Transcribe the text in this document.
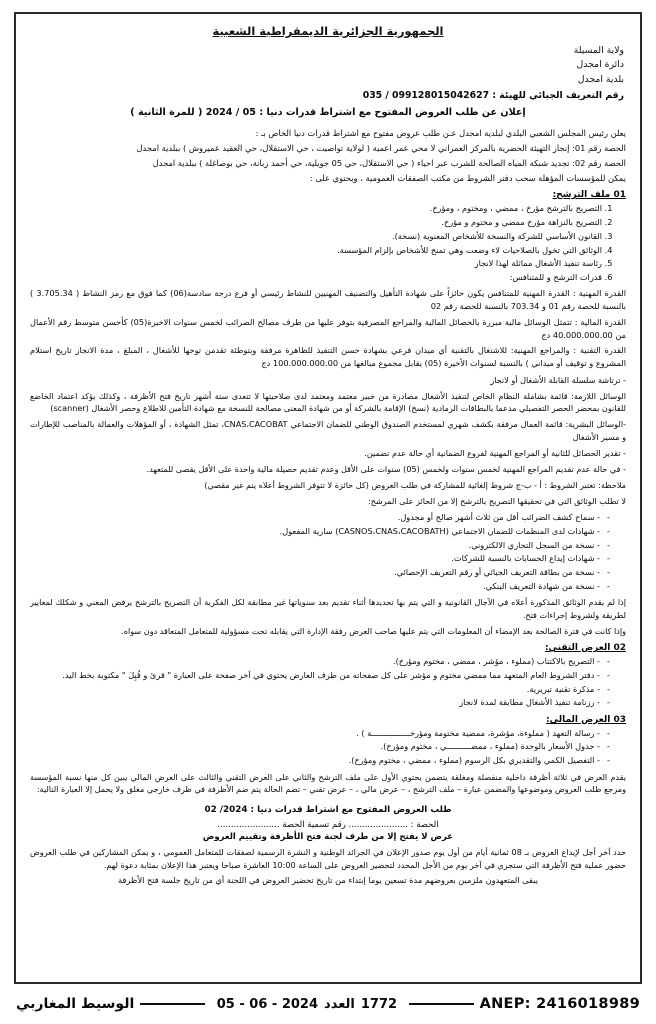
الجمهورية الجزائرية الديمقراطية الشعبية
ولاية المسيلة
دائرة امجدل
بلدية امجدل
رقم التعريف الجبائي للهيئة : 099128015042627 / 035
إعلان عن طلب العروض المفتوح مع اشتراط قدرات دنيا : 05 / 2024 ( للمرة الثانية )
يعلن رئيس المجلس الشعبي البلدي لبلدية امجدل عـن طلب عروض مفتوح مع اشتراط قدرات دنيا الخاص بـ :
الحصة رقم 01: إنجاز التهيئة الحضرية بالمركز العمراني لا محي عمر اعمية ( لولاية تواصيت ، حي الاستقلال، حي العقيد عميروش ) ببلدية امجدل
الحصة رقم 02: تجديد شبكة المياه الصالحة للشرب عبر احياء ( حي الاستقلال، حي 05 جويلية، حي أحمد زبانة، حي بوصاغلة ) ببلدية امجدل
يمكن للمؤسسات المؤهلة سحب دفتر الشروط من مكتب الصفقات العمومية ، ويحتوي على :
01 ملف الترشح:
1. التصريح بالترشح مؤرخ ، ممضي ، ومختوم ، ومؤرخ.
2. التصريح بالنزاهة مؤرخ ممضي و مختوم و مؤرخ.
3. القانون الأساسي للشركة والنسخة للأشخاص المعنوية (نسخة).
4. الوثائق التي تخول بالصلاحيات لاء وضعت وهي تمنح للأشخاص بإلزام المؤسسة.
5. رئاسة تنفيذ الأشغال مماثلة لهذا لانجاز
6. قدرات الترشح و للمتنافس:
القدرة المهنية : القدرة المهنية للمتنافس يكون حائزاً على شهادة التأهيل والتصنيف المهنيين للنشاط رئيسي أو فرع درجة سادسة(06) كما فوق مع رمز النشاط ( 3.705.34 ) بالنسبة للحصة رقم 01 و 703.34 بالنسبة للحصة رقم 02
القدرة المالية : تتمثل الوسائل مالية مبررة بالحصائل المالية والمراجع المصرفية بتوفر عليها من طرف مصالح الضرائب لخمس سنوات الاخيرة(05) كأحسن متوسط رقم الأعمال من 40.000.000.00 دج
القدرة التقنية : والمراجع المهنية: للاشتغال بالتقنية أي ميدان فرعي بشهادة حسن التنفيذ للظاهرة مرفقة وبتوطئة تقدمن توجها للأشغال ، المبلغ ، مدة الانجاز تاريخ استلام المشروع و توقيف أو ميداني ) بالنسبة لسنوات الأخيرة (05) يقابل مجموع مبالغها من 100.000.000.00 دج
- ترتاشة سلسلة القابلة الأشغال أو لانجاز
الوسائل اللازمة: قائمة بشاملة النظام الخاص لتنفيذ الأشغال مصادرة من خبير معتمد ومعتمد لدى صلاحيتها لا تتعدى ستة أشهر تاريخ فتح الأظرفة ، وكذلك يؤكد اعتماد الخاضع للقانون بمحضر الحصر التفصيلي مدعما بالبطاقات الرمادية (نسخ) الإقامة بالشركة أو من شهادة المعنى مصالحة للنسخة مع شهادة التأمين للاطلاع وحصر الأشغال (scanner)
-الوسائل البشرية: قائمة العمال مرفقة بكشف شهري لمستخدم الصندوق الوطني للضمان الاجتماعي CNAS،CACOBAT، تمثل الشهادة ، أو المؤهلات والعمالة بالمناصب للإطارات و مسير الأشغال
- تقدير الحصائل للثانية أو المراجع المهنية لفروع الضمانية أي حالة عدم تضمين.
- في حالة عدم تقديم المراجع المهنية لخمس سنوات ولخمس (05) سنوات على الأقل وعدم تقديم حصيلة مالية واحدة على الأقل يقصى للمتعهد.
ملاحظة: تعتبر الشروط : أ - ب-ج شروط إلغائية للمشاركة في طلب العروض (كل حائزة لا تتوفر الشروط أعلاه يتم غير مقصي)
لا تطلب الوثائق التي في تحقيقها التصريح بالترشح إلا من الحائز على المرشح:
- - سماح كشف الضرائب أقل من ثلاث أشهر صالح أو مجدول.
- - شهادات لدى المنظمات للضمان الاجتماعي (CASNOS،CNAS،CACOBATH) سارية المفعول.
- - نسخة من السجل التجاري الالكتروني.
- - شهادات إيداع الحسابات بالنسبة للشركات.
- - نسخة من بطاقة التعريف الجبائي أو رقم التعريف الإحصائي.
- - نسخة من شهادة التعريف البنكي.
إذا لم يقدم الوثائق المذكورة أعلاه في الآجال القانونية و التي يتم بها تحديدها أثناء تقديم بعد سنوياتها غير مطابقة لكل الفكرية أن التصريح بالترشح يرفض المعني و شكلك لمعايير لطريقة ولشروط إجراءات فتح.
وإذا كانت في فترة الصالحة بعد الإمضاء أن المعلومات التي يتم عليها صاحب العرض رفقة الإدارة التي يقابله تحت مسؤولية للمتعامل المتعاقد دون سواه.
02 العرض التقني:
- - التصريح بالاكتتاب (مملوء ، مؤشر ، ممضي ، مختوم ومؤرخ).
- - دفتر الشروط العام المتعهد مما ممضي مختوم و مؤشر على كل صفحاته من طرف العارض يحتوي في آخر صفحة على العبارة " قرئ و قُبِلَ " مكتوبة بخط اليد.
- - مذكرة تقنية تبريرية.
- - رزنامة تنفيذ الأشغال مطابقة لمدة لانجاز
03 العرض المالي:
- - رسالة التعهد ( مملوءة، مؤشرة، ممضية مختومة ومؤرخــــــــــــــــة ) .
- - جدول الأسعار بالوحدة (مملوء ، ممضــــــــــي ، مختوم ومؤرخ).
- - التفصيل الكمي والتقديري بكل الرسوم (مملوء ، ممضي ، مختوم ومؤرخ).
يقدم العرض في ثلاثة أظرفة داخلية منفصلة ومغلقة يتضمن يحتوي الأول على ملف الترشح والثاني على العرض التقني والثالث على العرض المالي يبين كل منها نسبة المؤسسة ومرجع طلب العروض وموضوعها والمضمن عبارة – ملف الترشح ، – عرض مالي ، – عرض تقني – تضم الحالة يتم ضم الأظرفة في ظرف خارجي مغلق ولا يحمل إلا العبارة التالية:
طلب العروض المفتوح مع اشتراط قدرات دنيا : 2024/ 02
الحصة : ...................... رقم تسمية الحصة .......................
عرض لا يفتح إلا من طرف لجنة فتح الأظرفة وتقييم العروض
حدد آخر أجل لإيداع العروض بـ 08 ثمانية أيام من أول يوم صدور الإعلان في الجرائد الوطنية و النشرة الرسمية لصفقات للمتعامل العمومي ، و يمكن المشاركين في طلب العروض حضور عملية فتح الأظرفة التي ستجري في آخر يوم من الأجل المحدد لتحضير العروض على الساعة 10:00 العاشرة صباحا ويعتبر هذا الإعلان بمثابة دعوة لهم.
يبقى المتعهدون ملزمين بعروضهم مدة تسعين يوما إبتداء من تاريخ تحضير العروض في اللجنة أي من تاريخ جلسة فتح الأظرفة
ANEP: 2416018989
1772
العدد
2024 - 06 - 05
الوسيط المغاربي
